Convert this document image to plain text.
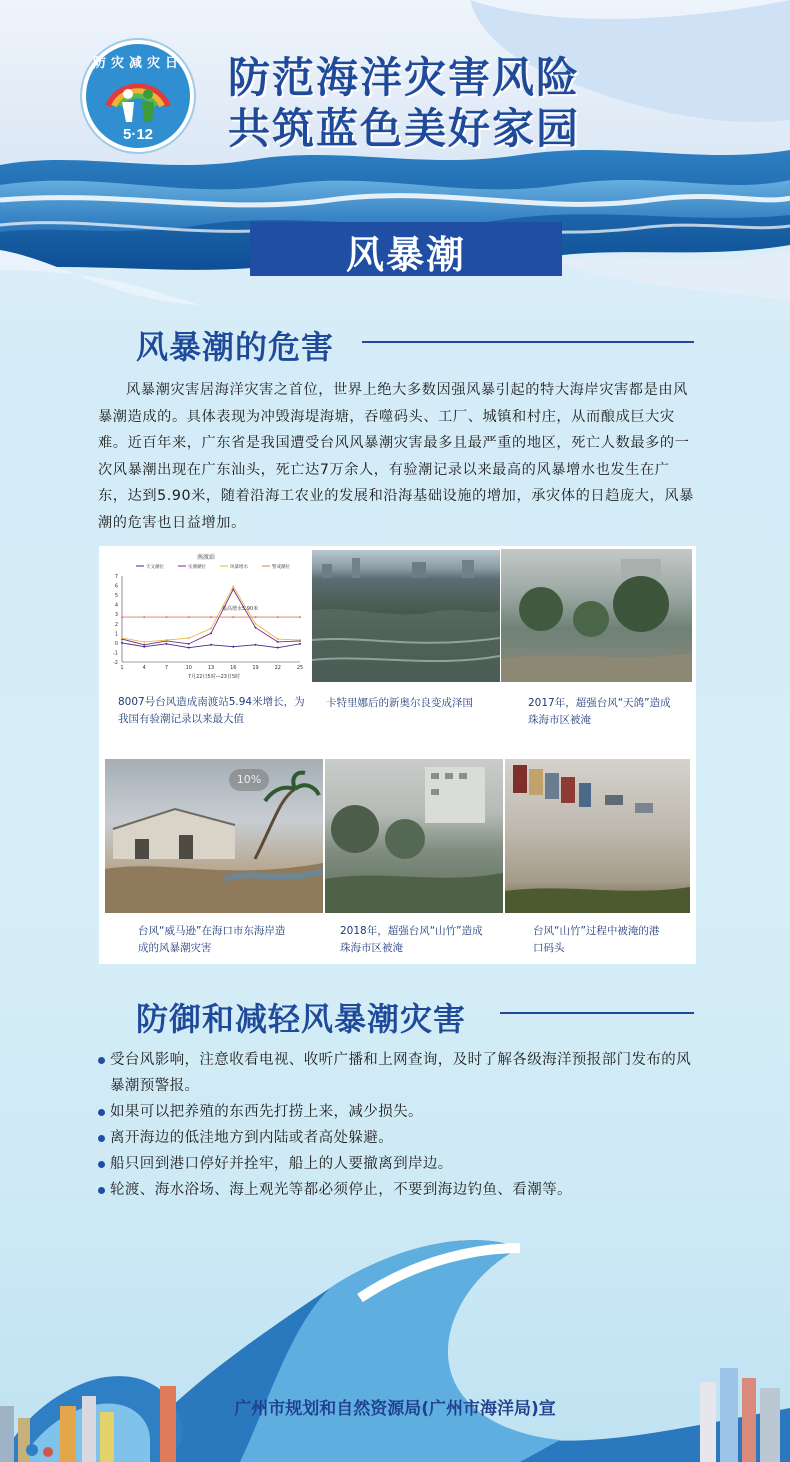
防灾减灾日
5·12
防范海洋灾害风险
共筑蓝色美好家园
风暴潮
风暴潮的危害
风暴潮灾害居海洋灾害之首位，世界上绝大多数因强风暴引起的特大海岸灾害都是由风暴潮造成的。具体表现为冲毁海堤海塘，吞噬码头、工厂、城镇和村庄，从而酿成巨大灾难。近百年来，广东省是我国遭受台风风暴潮灾害最多且最严重的地区，死亡人数最多的一次风暴潮出现在广东汕头，死亡达7万余人，有验潮记录以来最高的风暴增水也发生在广东，达到5.90米，随着沿海工农业的发展和沿海基础设施的增加，承灾体的日趋庞大，风暴潮的危害也日益增加。
南渡站
天文潮位	实测潮位	风暴增水	警戒潮位
-2
-1
0
1
2
3
4
5
6
7
1	4	7	10	13	16	19	22	25
最高增水5.90米
7月22日5时—23日5时
10%
8007号台风造成南渡站5.94米增长，为我国有验潮记录以来最大值
卡特里娜后的新奥尔良变成泽国	2017年，超强台风“天鸽”造成珠海市区被淹
台风“威马逊”在海口市东海岸造成的风暴潮灾害
2018年，超强台风“山竹”造成珠海市区被淹
台风“山竹”过程中被淹的港口码头
防御和减轻风暴潮灾害
受台风影响，注意收看电视、收听广播和上网查询，及时了解各级海洋预报部门发布的风暴潮预警报。
如果可以把养殖的东西先打捞上来，减少损失。
离开海边的低洼地方到内陆或者高处躲避。
船只回到港口停好并拴牢，船上的人要撤离到岸边。
轮渡、海水浴场、海上观光等都必须停止，不要到海边钓鱼、看潮等。
广州市规划和自然资源局(广州市海洋局)宣
